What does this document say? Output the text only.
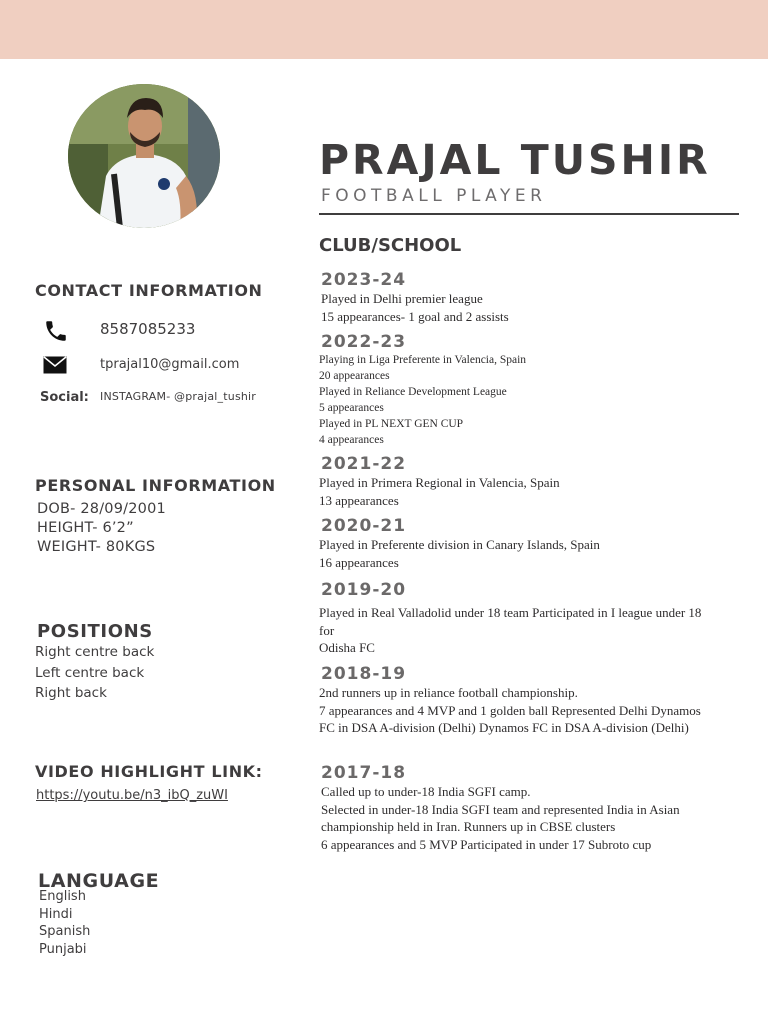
CONTACT INFORMATION
8587085233
tprajal10@gmail.com
Social: INSTAGRAM- @prajal_tushir
PERSONAL INFORMATION
DOB- 28/09/2001
HEIGHT- 6’2”
WEIGHT- 80KGS
POSITIONS
Right centre back
Left centre back
Right back
VIDEO HIGHLIGHT LINK:
https://youtu.be/n3_ibQ_zuWI
LANGUAGE
English
Hindi
Spanish
Punjabi
PRAJAL TUSHIR
FOOTBALL PLAYER
CLUB/SCHOOL
2023-24
Played in Delhi premier league
15 appearances- 1 goal and 2 assists
2022-23
Playing in Liga Preferente in Valencia, Spain
20 appearances
Played in Reliance Development League
5 appearances
Played in PL NEXT GEN CUP
4 appearances
2021-22
Played in Primera Regional in Valencia, Spain
13 appearances
2020-21
Played in Preferente division in Canary Islands, Spain
16 appearances
2019-20
Played in Real Valladolid under 18 team Participated in I league under 18 for
Odisha FC
2018-19
2nd runners up in reliance football championship.
7 appearances and 4 MVP and 1 golden ball Represented Delhi Dynamos FC in DSA A-division (Delhi) Dynamos FC in DSA A-division (Delhi)
2017-18
Called up to under-18 India SGFI camp.
Selected in under-18 India SGFI team and represented India in Asian
championship held in Iran. Runners up in CBSE clusters
6 appearances and 5 MVP Participated in under 17 Subroto cup
